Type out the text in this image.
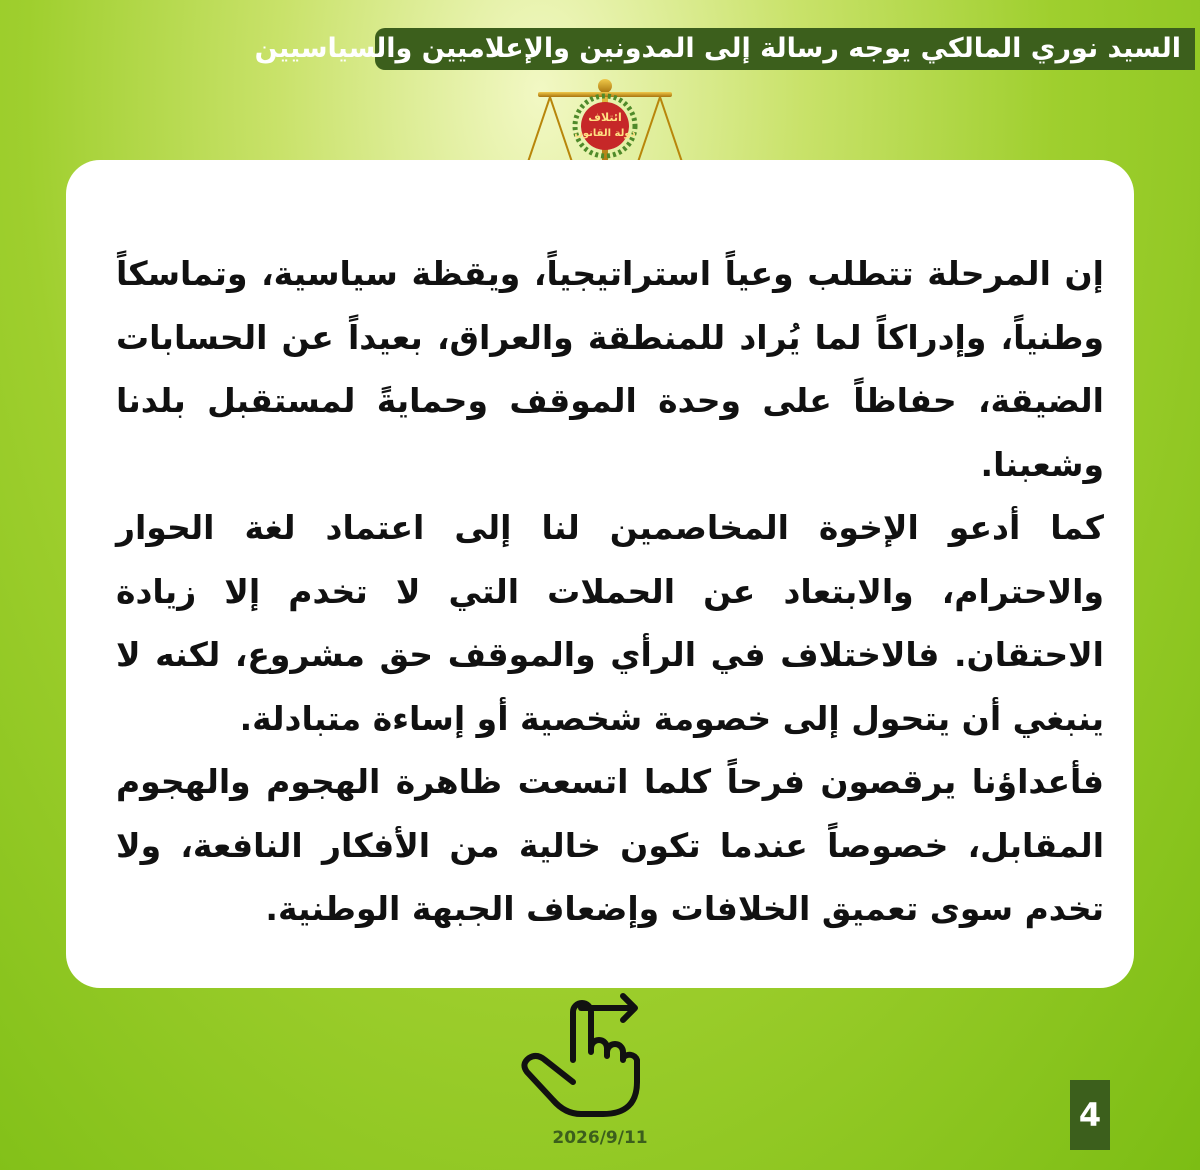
السيد نوري المالكي يوجه رسالة إلى المدونين والإعلاميين والسياسيين
ائتلاف
دولة القانون

إن المرحلة تتطلب وعياً استراتيجياً، ويقظة سياسية، وتماسكاً وطنياً، وإدراكاً لما يُراد للمنطقة والعراق، بعيداً عن الحسابات الضيقة، حفاظاً على وحدة الموقف وحمايةً لمستقبل بلدنا وشعبنا.

كما أدعو الإخوة المخاصمين لنا إلى اعتماد لغة الحوار والاحترام، والابتعاد عن الحملات التي لا تخدم إلا زيادة الاحتقان. فالاختلاف في الرأي والموقف حق مشروع، لكنه لا ينبغي أن يتحول إلى خصومة شخصية أو إساءة متبادلة.

فأعداؤنا يرقصون فرحاً كلما اتسعت ظاهرة الهجوم والهجوم المقابل، خصوصاً عندما تكون خالية من الأفكار النافعة، ولا تخدم سوى تعميق الخلافات وإضعاف الجبهة الوطنية.

4
2026/9/11
